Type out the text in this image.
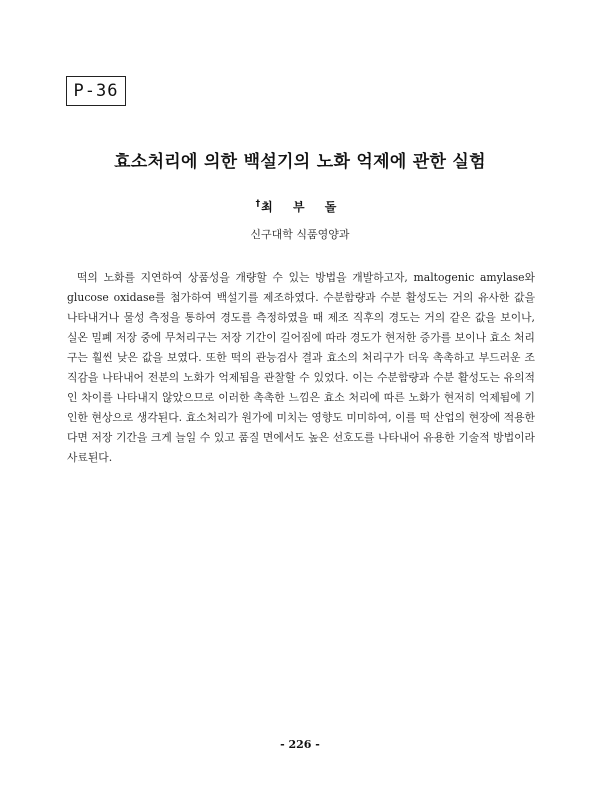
P-36
효소처리에 의한 백설기의 노화 억제에 관한 실험
†최 부 돌
신구대학 식품영양과

떡의 노화를 지연하여 상품성을 개량할 수 있는 방법을 개발하고자, maltogenic amylase와 glucose oxidase를 첨가하여 백설기를 제조하였다. 수분함량과 수분 활성도는 거의 유사한 값을 나타내거나 물성 측정을 통하여 경도를 측정하였을 때 제조 직후의 경도는 거의 같은 값을 보이나, 실온 밀폐 저장 중에 무처리구는 저장 기간이 길어짐에 따라 경도가 현저한 증가를 보이나 효소 처리구는 훨씬 낮은 값을 보였다. 또한 떡의 관능검사 결과 효소의 처리구가 더욱 촉촉하고 부드러운 조직감을 나타내어 전분의 노화가 억제됨을 관찰할 수 있었다. 이는 수분함량과 수분 활성도는 유의적인 차이를 나타내지 않았으므로 이러한 촉촉한 느낌은 효소 처리에 따른 노화가 현저히 억제됨에 기인한 현상으로 생각된다. 효소처리가 원가에 미치는 영향도 미미하여, 이를 떡 산업의 현장에 적용한다면 저장 기간을 크게 늘일 수 있고 품질 면에서도 높은 선호도를 나타내어 유용한 기술적 방법이라 사료된다.

- 226 -
